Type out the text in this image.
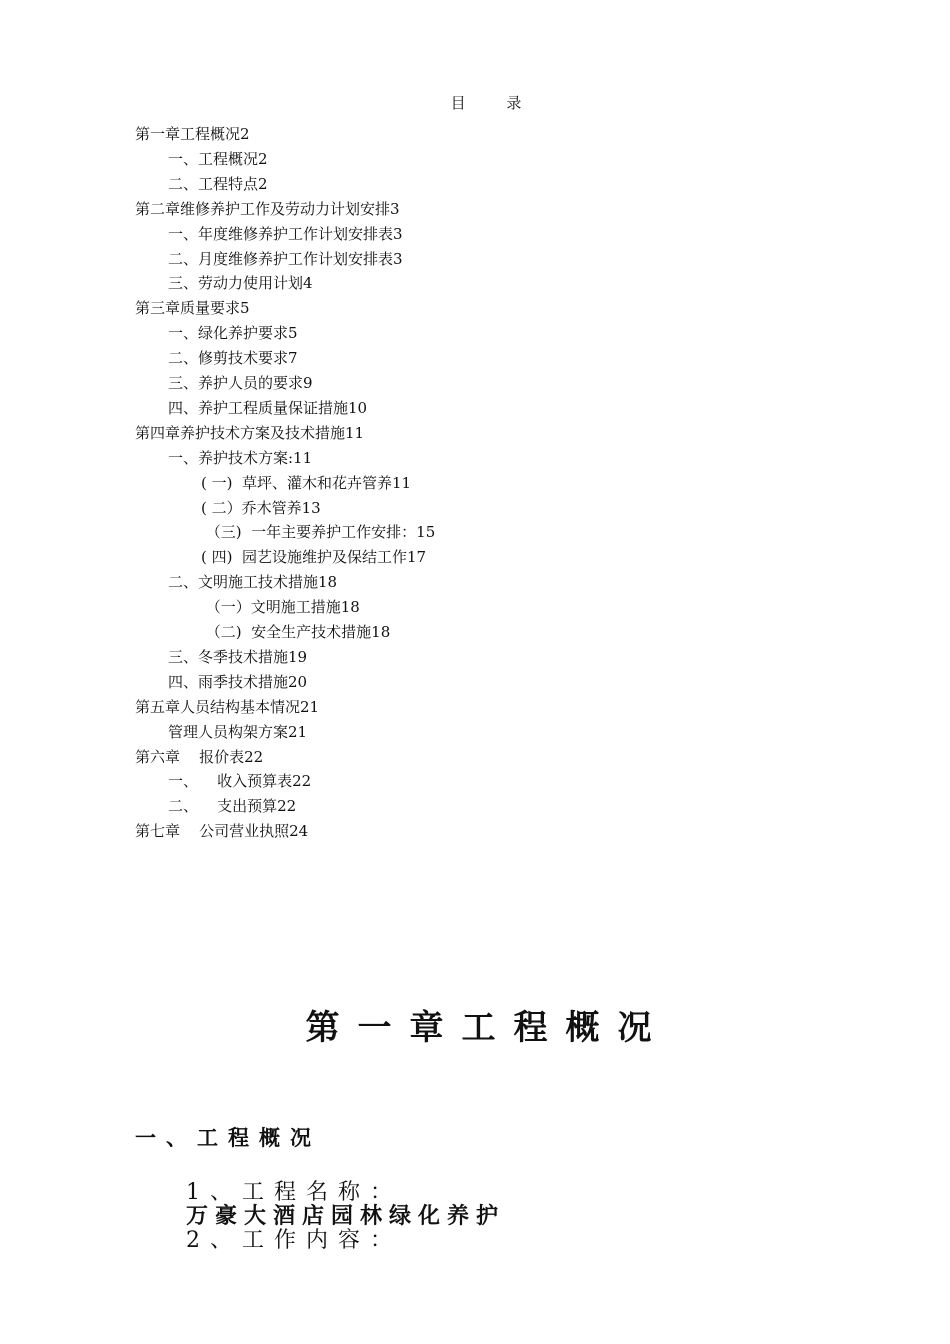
目 录
第一章工程概况2
一、工程概况2
二、工程特点2
第二章维修养护工作及劳动力计划安排3
一、年度维修养护工作计划安排表3
二、月度维修养护工作计划安排表3
三、劳动力使用计划4
第三章质量要求5
一、绿化养护要求5
二、修剪技术要求7
三、养护人员的要求9
四、养护工程质量保证措施10
第四章养护技术方案及技术措施11
一、养护技术方案:11
( 一)  草坪、灌木和花卉管养11
( 二）乔木管养13
（三)  一年主要养护工作安排：15
( 四)  园艺设施维护及保结工作17
二、文明施工技术措施18
（一）文明施工措施18
（二)  安全生产技术措施18
三、冬季技术措施19
四、雨季技术措施20
第五章人员结构基本情况21
管理人员构架方案21
第六章    报价表22
一、    收入预算表22
二、    支出预算22
第七章    公司营业执照24
第一章工程概况
一、工程概况
1、工程名称：
万豪大酒店园林绿化养护
2、工作内容：
